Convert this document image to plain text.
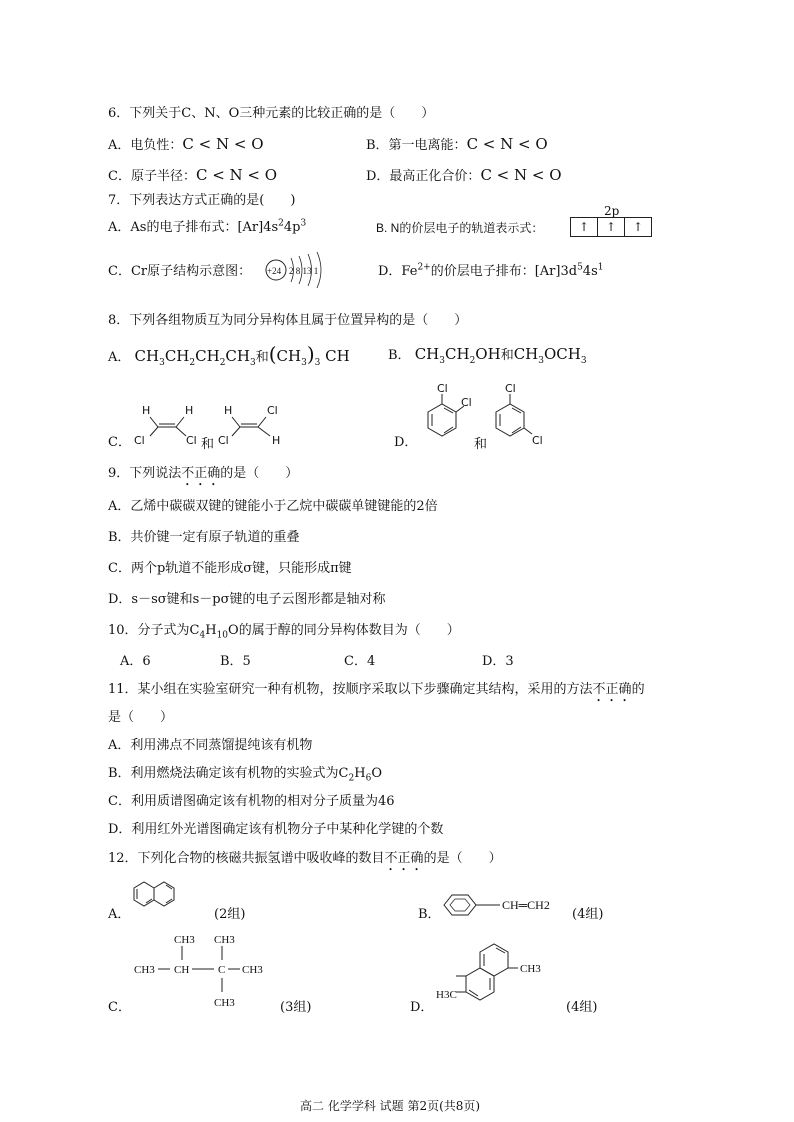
6．下列关于C、N、O三种元素的比较正确的是（　　）
A．电负性：C < N < O	B．第一电离能：C < N < O
C．原子半径：C < N < O	D．最高正化合价：C < N < O
7．下列表达方式正确的是(　　)
A．As的电子排布式：$[Ar]4s^24p^3$	B. N的价层电子的轨道表示式：
2p
↑ ↑ ↑
C．Cr原子结构示意图： +24 2 8 13 1	D．$Fe^{2+}$的价层电子排布：$[Ar]3d^54s^1$
8．下列各组物质互为同分异构体且属于位置异构的是（　　）
A． $CH_3CH_2CH_2CH_3$和$(CH_3)_3$ CH	B． $CH_3CH_2OH$和$CH_3OCH_3$
C．
H	H
Cl	Cl 和
H	Cl
Cl	H	D．
Cl
Cl
和
Cl
Cl
9．下列说法不正确的是（　　）
A．乙烯中碳碳双键的键能小于乙烷中碳碳单键键能的2倍
B．共价键一定有原子轨道的重叠
C．两个p轨道不能形成σ键，只能形成π键
D．s－sσ键和s－pσ键的电子云图形都是轴对称
10．分子式为$C_4H_{10}O$的属于醇的同分异构体数目为（　　）
A．6	B．5	C．4	D．3
11．某小组在实验室研究一种有机物，按顺序采取以下步骤确定其结构，采用的方法不正确的
是（　　）
A．利用沸点不同蒸馏提纯该有机物
B．利用燃烧法确定该有机物的实验式为$C_2H_6O$
C．利用质谱图确定该有机物的相对分子质量为46
D．利用红外光谱图确定该有机物分子中某种化学键的个数
12．下列化合物的核磁共振氢谱中吸收峰的数目不正确的是（　　）
A．	(2组)	B．
CH═CH2
(4组)
C．
CH3 CH3
CH3 CH	C CH3
CH3	(3组)	D．
CH3
H3C
(4组)
高二 化学学科 试题 第2页(共8页)
